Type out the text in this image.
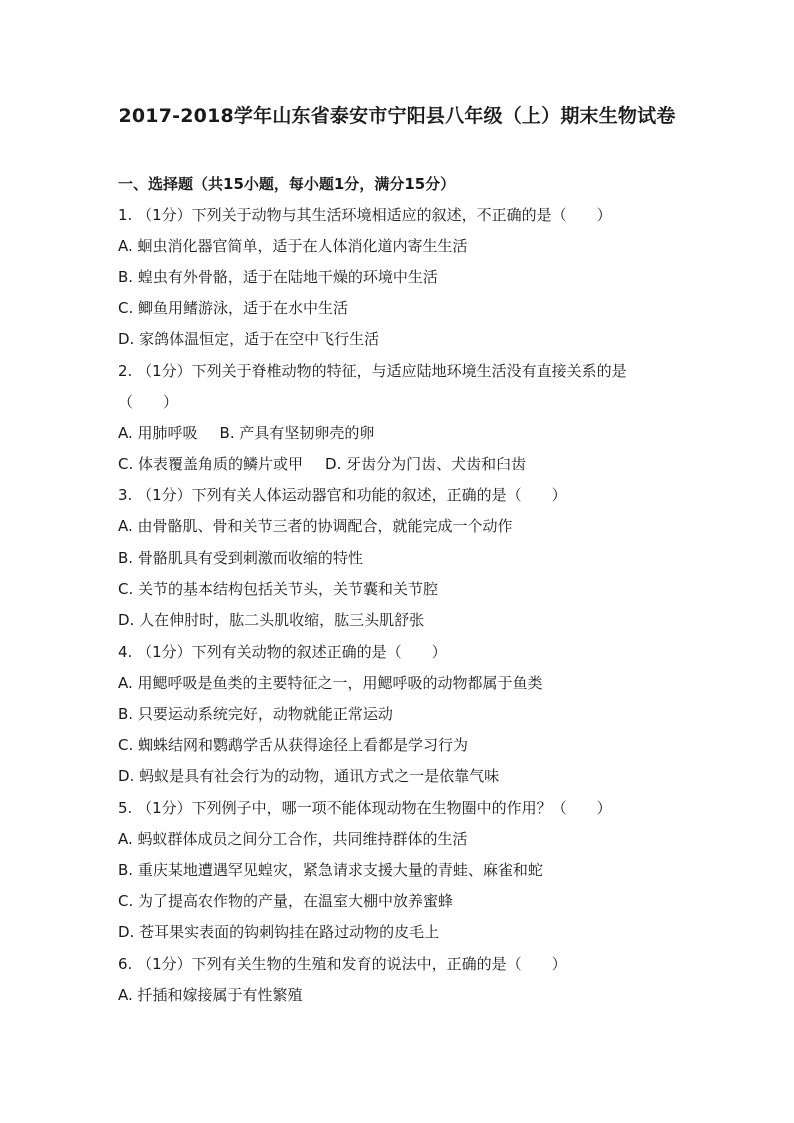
2017-2018学年山东省泰安市宁阳县八年级（上）期末生物试卷
一、选择题（共15小题，每小题1分，满分15分）
1. （1分）下列关于动物与其生活环境相适应的叙述，不正确的是（　　）
A. 蛔虫消化器官简单，适于在人体消化道内寄生生活
B. 蝗虫有外骨骼，适于在陆地干燥的环境中生活
C. 鲫鱼用鳍游泳，适于在水中生活
D. 家鸽体温恒定，适于在空中飞行生活
2. （1分）下列关于脊椎动物的特征，与适应陆地环境生活没有直接关系的是
（　　）
A. 用肺呼吸 B. 产具有坚韧卵壳的卵
C. 体表覆盖角质的鳞片或甲 D. 牙齿分为门齿、犬齿和臼齿
3. （1分）下列有关人体运动器官和功能的叙述，正确的是（　　）
A. 由骨骼肌、骨和关节三者的协调配合，就能完成一个动作
B. 骨骼肌具有受到刺激而收缩的特性
C. 关节的基本结构包括关节头，关节囊和关节腔
D. 人在伸肘时，肱二头肌收缩，肱三头肌舒张
4. （1分）下列有关动物的叙述正确的是（　　）
A. 用鳃呼吸是鱼类的主要特征之一，用鳃呼吸的动物都属于鱼类
B. 只要运动系统完好，动物就能正常运动
C. 蜘蛛结网和鹦鹉学舌从获得途径上看都是学习行为
D. 蚂蚁是具有社会行为的动物，通讯方式之一是依靠气味
5. （1分）下列例子中，哪一项不能体现动物在生物圈中的作用？（　　）
A. 蚂蚁群体成员之间分工合作，共同维持群体的生活
B. 重庆某地遭遇罕见蝗灾，紧急请求支援大量的青蛙、麻雀和蛇
C. 为了提高农作物的产量，在温室大棚中放养蜜蜂
D. 苍耳果实表面的钩刺钩挂在路过动物的皮毛上
6. （1分）下列有关生物的生殖和发育的说法中，正确的是（　　）
A. 扦插和嫁接属于有性繁殖
